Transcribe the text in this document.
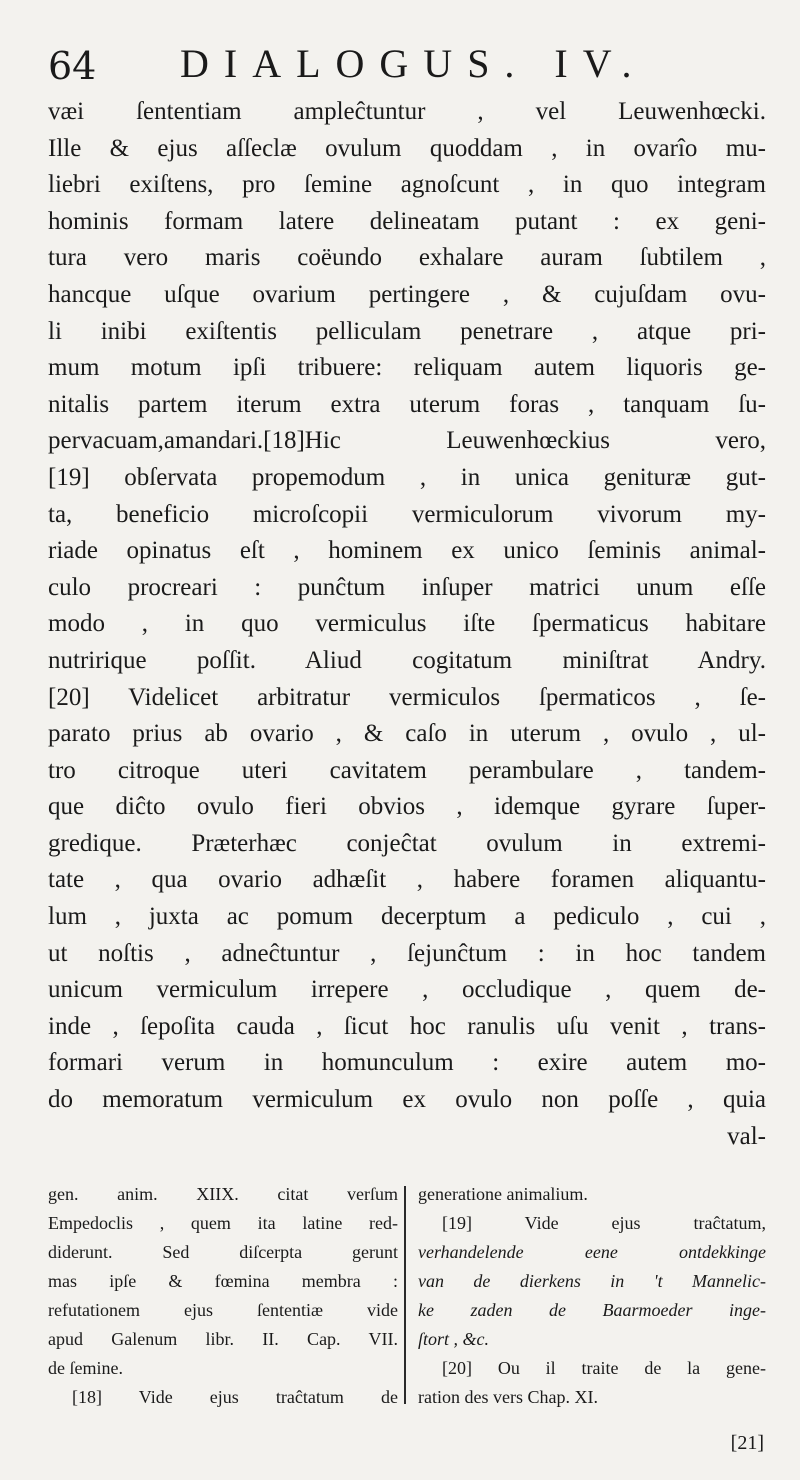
64 DIALOGUS. IV.
væi ſententiam ampleĉtuntur , vel Leuwenhœcki.
Ille & ejus aſſeclæ ovulum quoddam , in ovarîo mu-
liebri exiſtens, pro ſemine agnoſcunt , in quo integram
hominis formam latere delineatam putant : ex geni-
tura vero maris coëundo exhalare auram ſubtilem ,
hancque uſque ovarium pertingere , & cujuſdam ovu-
li inibi exiſtentis pelliculam penetrare , atque pri-
mum motum ipſi tribuere: reliquam autem liquoris ge-
nitalis partem iterum extra uterum foras , tanquam ſu-
pervacuam,amandari.[18]Hic Leuwenhœckius vero,
[19] obſervata propemodum , in unica genituræ gut-
ta, beneficio microſcopii vermiculorum vivorum my-
riade opinatus eſt , hominem ex unico ſeminis animal-
culo procreari : punĉtum inſuper matrici unum eſſe
modo , in quo vermiculus iſte ſpermaticus habitare
nutririque poſſit. Aliud cogitatum miniſtrat Andry.
[20] Videlicet arbitratur vermiculos ſpermaticos , ſe-
parato prius ab ovario , & caſo in uterum , ovulo , ul-
tro citroque uteri cavitatem perambulare , tandem-
que diĉto ovulo fieri obvios , idemque gyrare ſuper-
gredique. Præterhæc conjeĉtat ovulum in extremi-
tate , qua ovario adhæſit , habere foramen aliquantu-
lum , juxta ac pomum decerptum a pediculo , cui ,
ut noſtis , adneĉtuntur , ſejunĉtum : in hoc tandem
unicum vermiculum irrepere , occludique , quem de-
inde , ſepoſita cauda , ſicut hoc ranulis uſu venit , trans-
formari verum in homunculum : exire autem mo-
do memoratum vermiculum ex ovulo non poſſe , quia
val-
gen. anim. XIIX. citat verſum
Empedoclis , quem ita latine red-
diderunt. Sed diſcerpta gerunt
mas ipſe & fœmina membra :
refutationem ejus ſententiæ vide
apud Galenum libr. II. Cap. VII.
de ſemine.
[18] Vide ejus traĉtatum de
generatione animalium.
[19] Vide ejus traĉtatum,
verhandelende eene ontdekkinge
van de dierkens in 't Mannelic-
ke zaden de Baarmoeder inge-
ſtort , &c.
[20] Ou il traite de la gene-
ration des vers Chap. XI.
[21]
